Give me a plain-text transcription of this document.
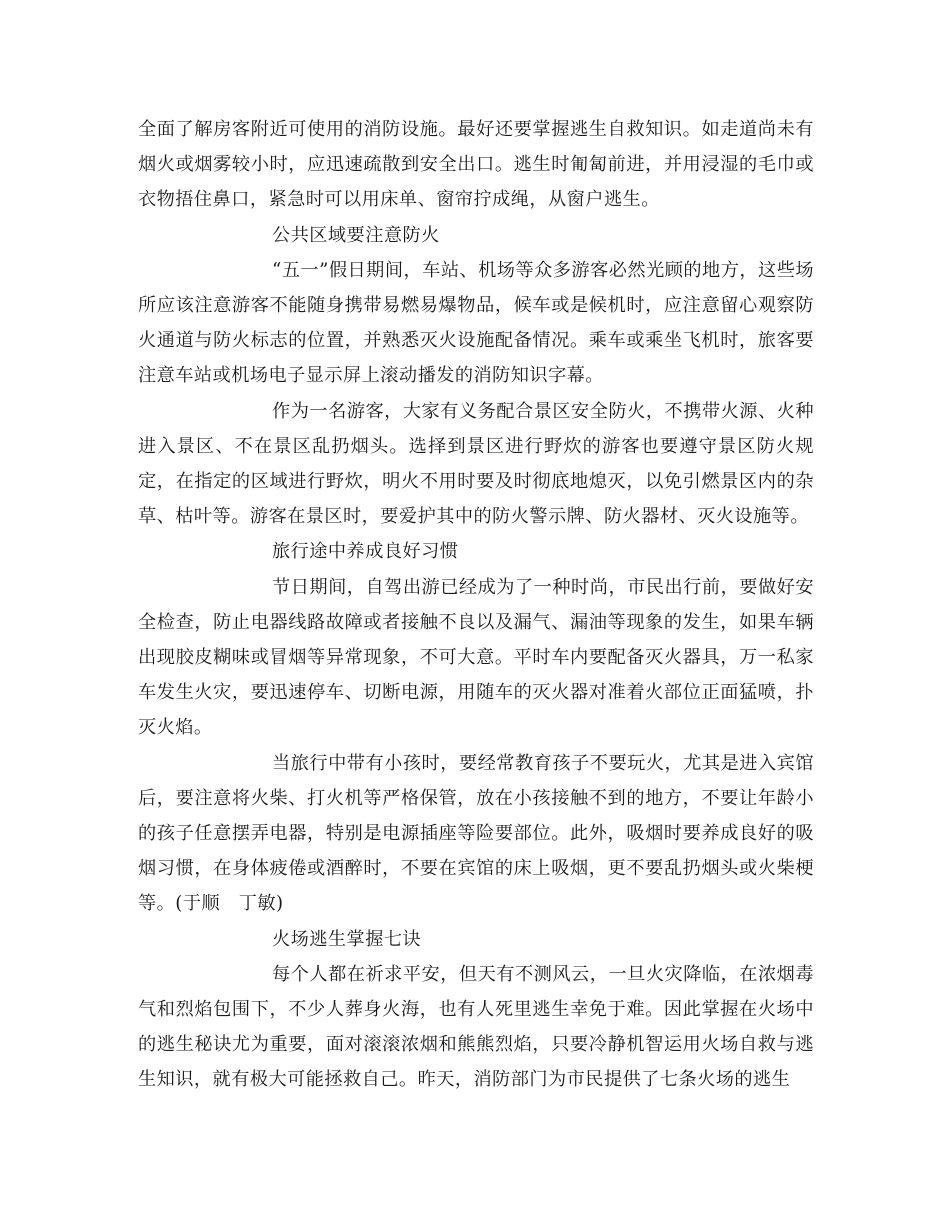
全面了解房客附近可使用的消防设施。最好还要掌握逃生自救知识。如走道尚未有烟火或烟雾较小时，应迅速疏散到安全出口。逃生时匍匐前进，并用浸湿的毛巾或衣物捂住鼻口，紧急时可以用床单、窗帘拧成绳，从窗户逃生。

公共区域要注意防火

“五一”假日期间，车站、机场等众多游客必然光顾的地方，这些场所应该注意游客不能随身携带易燃易爆物品，候车或是候机时，应注意留心观察防火通道与防火标志的位置，并熟悉灭火设施配备情况。乘车或乘坐飞机时，旅客要注意车站或机场电子显示屏上滚动播发的消防知识字幕。

作为一名游客，大家有义务配合景区安全防火，不携带火源、火种进入景区、不在景区乱扔烟头。选择到景区进行野炊的游客也要遵守景区防火规定，在指定的区域进行野炊，明火不用时要及时彻底地熄灭，以免引燃景区内的杂草、枯叶等。游客在景区时，要爱护其中的防火警示牌、防火器材、灭火设施等。

旅行途中养成良好习惯

节日期间，自驾出游已经成为了一种时尚，市民出行前，要做好安全检查，防止电器线路故障或者接触不良以及漏气、漏油等现象的发生，如果车辆出现胶皮糊味或冒烟等异常现象，不可大意。平时车内要配备灭火器具，万一私家车发生火灾，要迅速停车、切断电源，用随车的灭火器对准着火部位正面猛喷，扑灭火焰。

当旅行中带有小孩时，要经常教育孩子不要玩火，尤其是进入宾馆后，要注意将火柴、打火机等严格保管，放在小孩接触不到的地方，不要让年龄小的孩子任意摆弄电器，特别是电源插座等险要部位。此外，吸烟时要养成良好的吸烟习惯，在身体疲倦或酒醉时，不要在宾馆的床上吸烟，更不要乱扔烟头或火柴梗等。(于顺　丁敏)

火场逃生掌握七诀

每个人都在祈求平安，但天有不测风云，一旦火灾降临，在浓烟毒气和烈焰包围下，不少人葬身火海，也有人死里逃生幸免于难。因此掌握在火场中的逃生秘诀尤为重要，面对滚滚浓烟和熊熊烈焰，只要冷静机智运用火场自救与逃生知识，就有极大可能拯救自己。昨天，消防部门为市民提供了七条火场的逃生
